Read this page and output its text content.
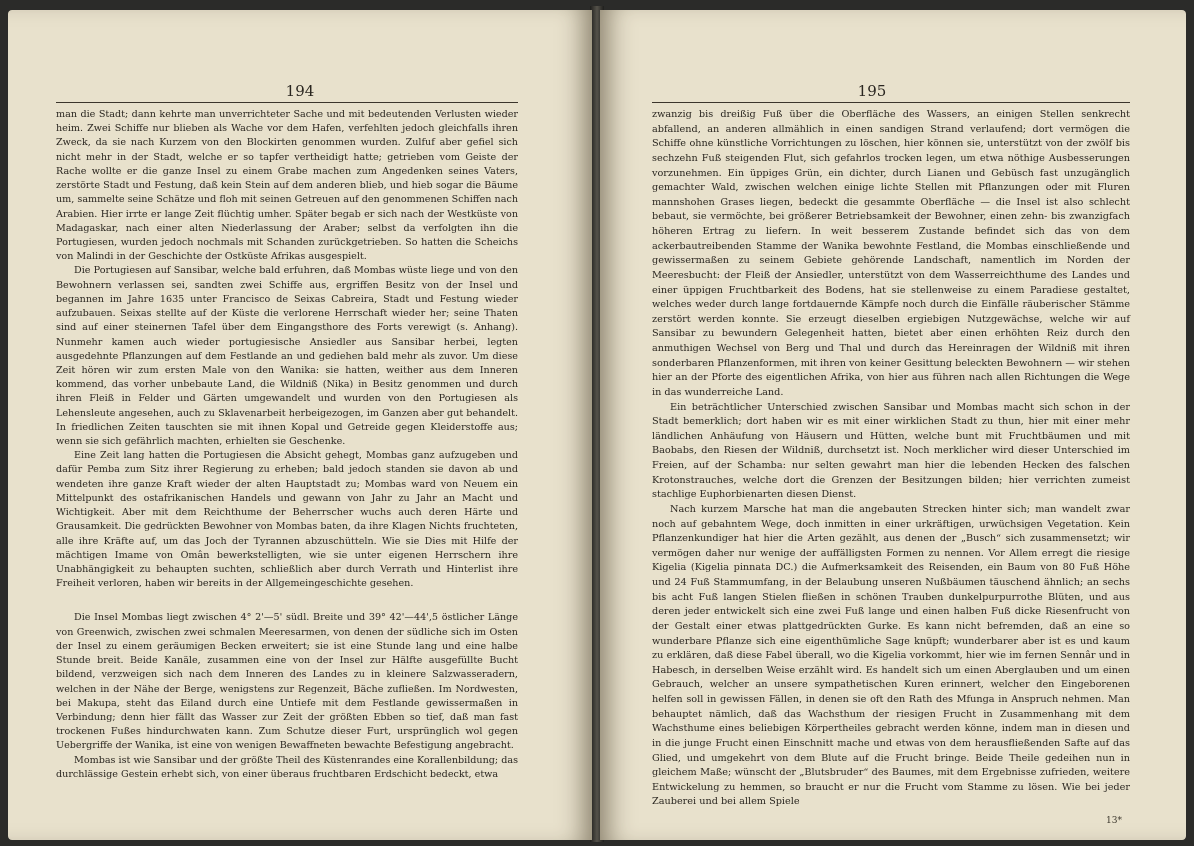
194

man die Stadt; dann kehrte man unverrichteter Sache und mit bedeutenden Verlusten wieder heim. Zwei Schiffe nur blieben als Wache vor dem Hafen, verfehlten jedoch gleichfalls ihren Zweck, da sie nach Kurzem von den Blockirten genommen wurden. Zulfuf aber gefiel sich nicht mehr in der Stadt, welche er so tapfer vertheidigt hatte; getrieben vom Geiste der Rache wollte er die ganze Insel zu einem Grabe machen zum Angedenken seines Vaters, zerstörte Stadt und Festung, daß kein Stein auf dem anderen blieb, und hieb sogar die Bäume um, sammelte seine Schätze und floh mit seinen Getreuen auf den genommenen Schiffen nach Arabien. Hier irrte er lange Zeit flüchtig umher. Später begab er sich nach der Westküste von Madagaskar, nach einer alten Niederlassung der Araber; selbst da verfolgten ihn die Portugiesen, wurden jedoch nochmals mit Schanden zurückgetrieben. So hatten die Scheichs von Malindi in der Geschichte der Ostküste Afrikas ausgespielt.

Die Portugiesen auf Sansibar, welche bald erfuhren, daß Mombas wüste liege und von den Bewohnern verlassen sei, sandten zwei Schiffe aus, ergriffen Besitz von der Insel und begannen im Jahre 1635 unter Francisco de Seixas Cabreira, Stadt und Festung wieder aufzubauen. Seixas stellte auf der Küste die verlorene Herrschaft wieder her; seine Thaten sind auf einer steinernen Tafel über dem Eingangsthore des Forts verewigt (s. Anhang). Nunmehr kamen auch wieder portugiesische Ansiedler aus Sansibar herbei, legten ausgedehnte Pflanzungen auf dem Festlande an und gediehen bald mehr als zuvor. Um diese Zeit hören wir zum ersten Male von den Wanika: sie hatten, weither aus dem Inneren kommend, das vorher unbebaute Land, die Wildniß (Nika) in Besitz genommen und durch ihren Fleiß in Felder und Gärten umgewandelt und wurden von den Portugiesen als Lehensleute angesehen, auch zu Sklavenarbeit herbeigezogen, im Ganzen aber gut behandelt. In friedlichen Zeiten tauschten sie mit ihnen Kopal und Getreide gegen Kleiderstoffe aus; wenn sie sich gefährlich machten, erhielten sie Geschenke.

Eine Zeit lang hatten die Portugiesen die Absicht gehegt, Mombas ganz aufzugeben und dafür Pemba zum Sitz ihrer Regierung zu erheben; bald jedoch standen sie davon ab und wendeten ihre ganze Kraft wieder der alten Hauptstadt zu; Mombas ward von Neuem ein Mittelpunkt des ostafrikanischen Handels und gewann von Jahr zu Jahr an Macht und Wichtigkeit. Aber mit dem Reichthume der Beherrscher wuchs auch deren Härte und Grausamkeit. Die gedrückten Bewohner von Mombas baten, da ihre Klagen Nichts fruchteten, alle ihre Kräfte auf, um das Joch der Tyrannen abzuschütteln. Wie sie Dies mit Hilfe der mächtigen Imame von Omân bewerkstelligten, wie sie unter eigenen Herrschern ihre Unabhängigkeit zu behaupten suchten, schließlich aber durch Verrath und Hinterlist ihre Freiheit verloren, haben wir bereits in der Allgemeingeschichte gesehen.

Die Insel Mombas liegt zwischen 4° 2'—5' südl. Breite und 39° 42'—44',5 östlicher Länge von Greenwich, zwischen zwei schmalen Meeresarmen, von denen der südliche sich im Osten der Insel zu einem geräumigen Becken erweitert; sie ist eine Stunde lang und eine halbe Stunde breit. Beide Kanäle, zusammen eine von der Insel zur Hälfte ausgefüllte Bucht bildend, verzweigen sich nach dem Inneren des Landes zu in kleinere Salzwasseradern, welchen in der Nähe der Berge, wenigstens zur Regenzeit, Bäche zufließen. Im Nordwesten, bei Makupa, steht das Eiland durch eine Untiefe mit dem Festlande gewissermaßen in Verbindung; denn hier fällt das Wasser zur Zeit der größten Ebben so tief, daß man fast trockenen Fußes hindurchwaten kann. Zum Schutze dieser Furt, ursprünglich wol gegen Uebergriffe der Wanika, ist eine von wenigen Bewaffneten bewachte Befestigung angebracht.

Mombas ist wie Sansibar und der größte Theil des Küstenrandes eine Korallenbildung; das durchlässige Gestein erhebt sich, von einer überaus fruchtbaren Erdschicht bedeckt, etwa

195

zwanzig bis dreißig Fuß über die Oberfläche des Wassers, an einigen Stellen senkrecht abfallend, an anderen allmählich in einen sandigen Strand verlaufend; dort vermögen die Schiffe ohne künstliche Vorrichtungen zu löschen, hier können sie, unterstützt von der zwölf bis sechzehn Fuß steigenden Flut, sich gefahrlos trocken legen, um etwa nöthige Ausbesserungen vorzunehmen. Ein üppiges Grün, ein dichter, durch Lianen und Gebüsch fast unzugänglich gemachter Wald, zwischen welchen einige lichte Stellen mit Pflanzungen oder mit Fluren mannshohen Grases liegen, bedeckt die gesammte Oberfläche — die Insel ist also schlecht bebaut, sie vermöchte, bei größerer Betriebsamkeit der Bewohner, einen zehn- bis zwanzigfach höheren Ertrag zu liefern. In weit besserem Zustande befindet sich das von dem ackerbautreibenden Stamme der Wanika bewohnte Festland, die Mombas einschließende und gewissermaßen zu seinem Gebiete gehörende Landschaft, namentlich im Norden der Meeresbucht: der Fleiß der Ansiedler, unterstützt von dem Wasserreichthume des Landes und einer üppigen Fruchtbarkeit des Bodens, hat sie stellenweise zu einem Paradiese gestaltet, welches weder durch lange fortdauernde Kämpfe noch durch die Einfälle räuberischer Stämme zerstört werden konnte. Sie erzeugt dieselben ergiebigen Nutzgewächse, welche wir auf Sansibar zu bewundern Gelegenheit hatten, bietet aber einen erhöhten Reiz durch den anmuthigen Wechsel von Berg und Thal und durch das Hereinragen der Wildniß mit ihren sonderbaren Pflanzenformen, mit ihren von keiner Gesittung beleckten Bewohnern — wir stehen hier an der Pforte des eigentlichen Afrika, von hier aus führen nach allen Richtungen die Wege in das wunderreiche Land.

Ein beträchtlicher Unterschied zwischen Sansibar und Mombas macht sich schon in der Stadt bemerklich; dort haben wir es mit einer wirklichen Stadt zu thun, hier mit einer mehr ländlichen Anhäufung von Häusern und Hütten, welche bunt mit Fruchtbäumen und mit Baobabs, den Riesen der Wildniß, durchsetzt ist. Noch merklicher wird dieser Unterschied im Freien, auf der Schamba: nur selten gewahrt man hier die lebenden Hecken des falschen Krotonstrauches, welche dort die Grenzen der Besitzungen bilden; hier verrichten zumeist stachlige Euphorbienarten diesen Dienst.

Nach kurzem Marsche hat man die angebauten Strecken hinter sich; man wandelt zwar noch auf gebahntem Wege, doch inmitten in einer urkräftigen, urwüchsigen Vegetation. Kein Pflanzenkundiger hat hier die Arten gezählt, aus denen der „Busch“ sich zusammensetzt; wir vermögen daher nur wenige der auffälligsten Formen zu nennen. Vor Allem erregt die riesige Kigelia (Kigelia pinnata DC.) die Aufmerksamkeit des Reisenden, ein Baum von 80 Fuß Höhe und 24 Fuß Stammumfang, in der Belaubung unseren Nußbäumen täuschend ähnlich; an sechs bis acht Fuß langen Stielen fließen in schönen Trauben dunkelpurpurrothe Blüten, und aus deren jeder entwickelt sich eine zwei Fuß lange und einen halben Fuß dicke Riesenfrucht von der Gestalt einer etwas plattgedrückten Gurke. Es kann nicht befremden, daß an eine so wunderbare Pflanze sich eine eigenthümliche Sage knüpft; wunderbarer aber ist es und kaum zu erklären, daß diese Fabel überall, wo die Kigelia vorkommt, hier wie im fernen Sennâr und in Habesch, in derselben Weise erzählt wird. Es handelt sich um einen Aberglauben und um einen Gebrauch, welcher an unsere sympathetischen Kuren erinnert, welcher den Eingeborenen helfen soll in gewissen Fällen, in denen sie oft den Rath des Mfunga in Anspruch nehmen. Man behauptet nämlich, daß das Wachsthum der riesigen Frucht in Zusammenhang mit dem Wachsthume eines beliebigen Körpertheiles gebracht werden könne, indem man in diesen und in die junge Frucht einen Einschnitt mache und etwas von dem herausfließenden Safte auf das Glied, und umgekehrt von dem Blute auf die Frucht bringe. Beide Theile gedeihen nun in gleichem Maße; wünscht der „Blutsbruder“ des Baumes, mit dem Ergebnisse zufrieden, weitere Entwickelung zu hemmen, so braucht er nur die Frucht vom Stamme zu lösen. Wie bei jeder Zauberei und bei allem Spiele

13*
